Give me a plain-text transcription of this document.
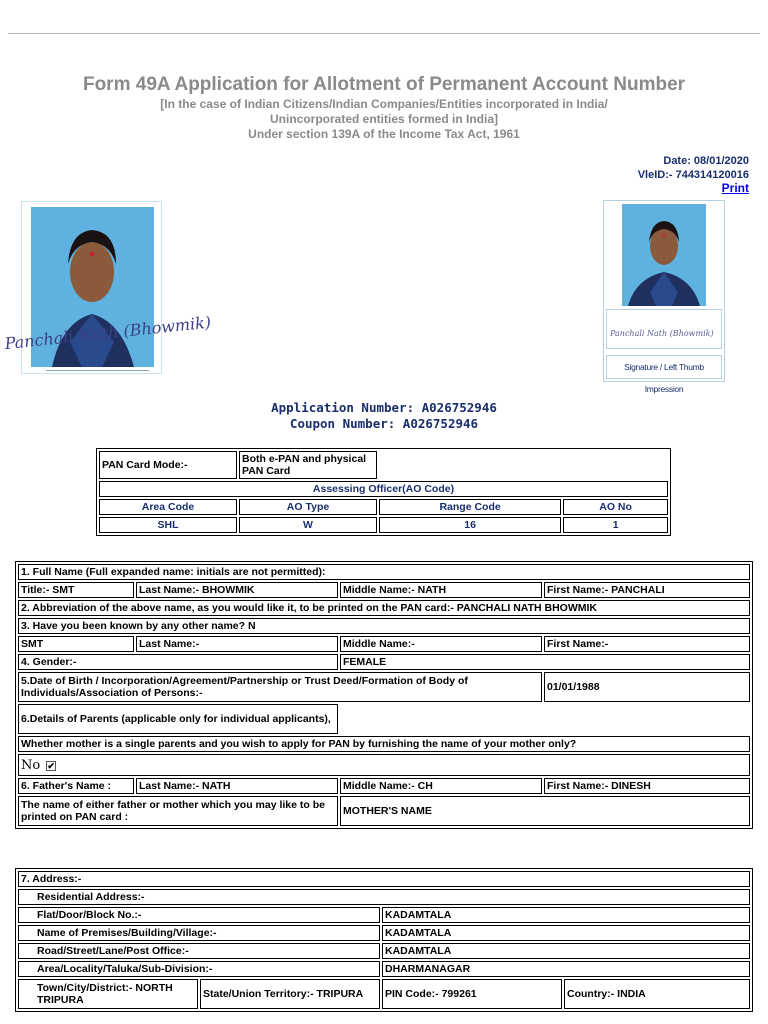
Form 49A Application for Allotment of Permanent Account Number
[In the case of Indian Citizens/Indian Companies/Entities incorporated in India/
Unincorporated entities formed in India]
Under section 139A of the Income Tax Act, 1961
Date: 08/01/2020
VleID:- 744314120016
Print
Panchali Nath (Bhowmik)	Panchali Nath (Bhowmik)
Signature / Left Thumb Impression
Application Number: A026752946
Coupon Number: A026752946
PAN Card Mode:-	Both e-PAN and physical PAN Card		
Assessing Officer(AO Code)			
Area Code	AO Type	Range Code	AO No
SHL	W	16	1
1. Full Name (Full expanded name: initials are not permitted):			
Title:- SMT	Last Name:- BHOWMIK	Middle Name:- NATH	First Name:- PANCHALI
2. Abbreviation of the above name, as you would like it, to be printed on the PAN card:- PANCHALI NATH BHOWMIK			
3. Have you been known by any other name? N			
SMT	Last Name:-	Middle Name:-	First Name:-
4. Gender:-		FEMALE	
5.Date of Birth / Incorporation/Agreement/Partnership or Trust Deed/Formation of Body of Individuals/Association of Persons:-			01/01/1988
6.Details of Parents (applicable only for individual applicants),			
Whether mother is a single parents and you wish to apply for PAN by furnishing the name of your mother only?			
No ✔			
6. Father's Name :	Last Name:- NATH	Middle Name:- CH	First Name:- DINESH
The name of either father or mother which you may like to be printed on PAN card :		MOTHER'S NAME	
7. Address:-			
Residential Address:-			
Flat/Door/Block No.:-		KADAMTALA	
Name of Premises/Building/Village:-		KADAMTALA	
Road/Street/Lane/Post Office:-		KADAMTALA	
Area/Locality/Taluka/Sub-Division:-		DHARMANAGAR	
Town/City/District:- NORTH TRIPURA	State/Union Territory:- TRIPURA	PIN Code:- 799261	Country:- INDIA
